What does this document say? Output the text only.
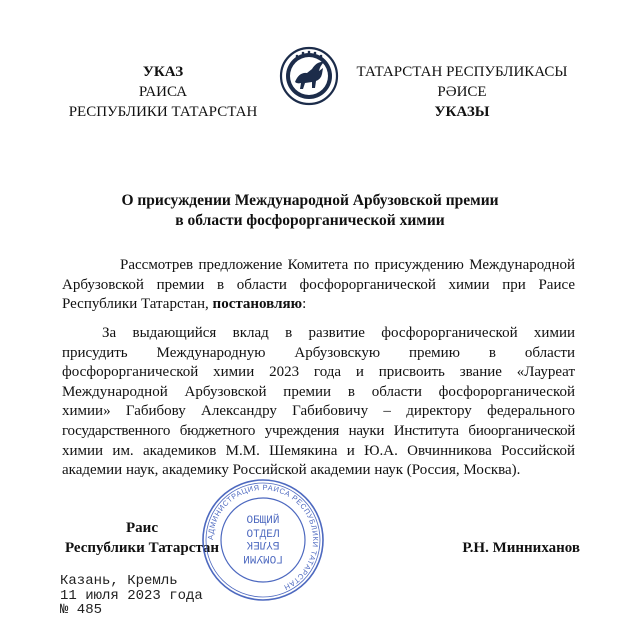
УКАЗ
РАИСА
РЕСПУБЛИКИ ТАТАРСТАН
ТАТАРСТАН РЕСПУБЛИКАСЫ
РӘИСЕ
УКАЗЫ
О присуждении Международной Арбузовской премии
в области фосфорорганической химии
Рассмотрев предложение Комитета по присуждению Международной
Арбузовской премии в области фосфорорганической химии при Раисе
Республики Татарстан, постановляю:
За выдающийся вклад в развитие фосфорорганической химии
присудить Международную Арбузовскую премию в области
фосфорорганической химии 2023 года и присвоить звание «Лауреат
Международной Арбузовской премии в области фосфорорганической
химии» Габибову Александру Габибовичу – директору федерального
государственного бюджетного учреждения науки Института биоорганической
химии им. академиков М.М. Шемякина и Ю.А. Овчинникова Российской
академии наук, академику Российской академии наук (Россия, Москва).
Раис
Республики Татарстан	Р.Н. Минниханов
Казань, Кремль
11 июля 2023 года
№ 485
АДМИНИСТРАЦИЯ РАИСА РЕСПУБЛИКИ ТАТАРСТАН
ОБЩИЙ
ОТДЕЛ
БҮЛЕК
ГОМУМИ
